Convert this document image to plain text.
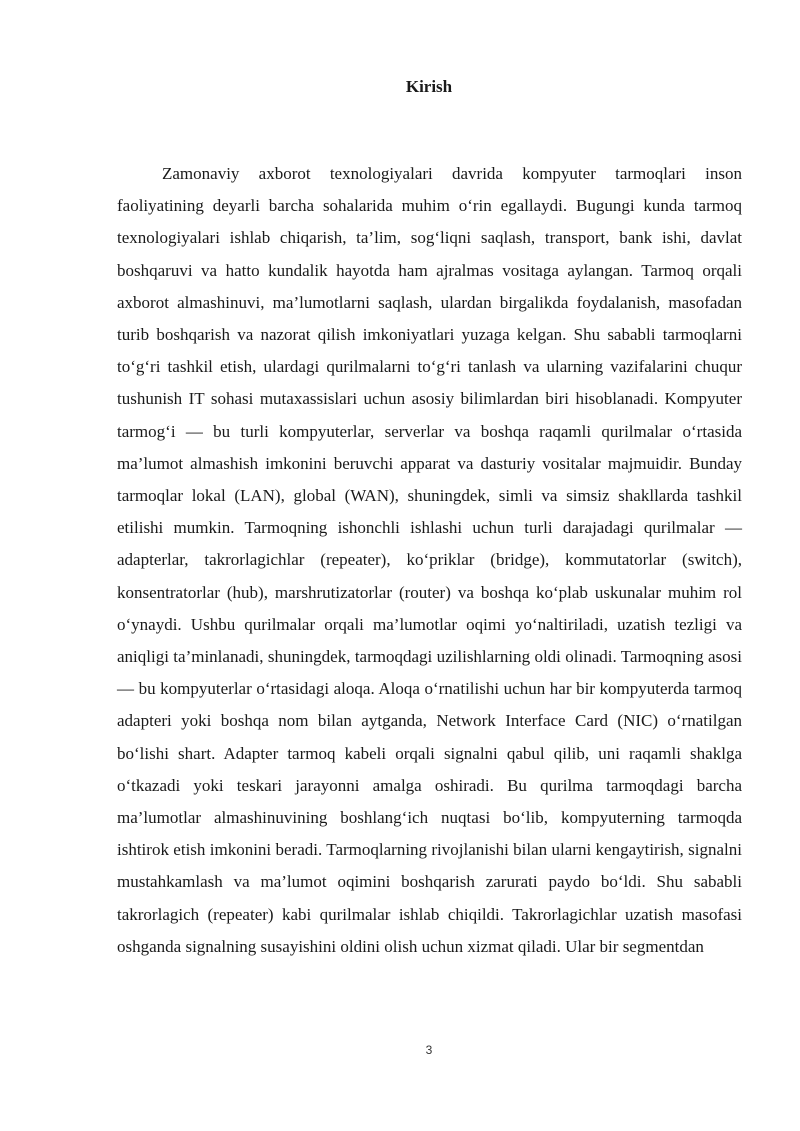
Kirish

Zamonaviy axborot texnologiyalari davrida kompyuter tarmoqlari inson faoliyatining deyarli barcha sohalarida muhim oʻrin egallaydi. Bugungi kunda tarmoq texnologiyalari ishlab chiqarish, ta’lim, sogʻliqni saqlash, transport, bank ishi, davlat boshqaruvi va hatto kundalik hayotda ham ajralmas vositaga aylangan. Tarmoq orqali axborot almashinuvi, ma’lumotlarni saqlash, ulardan birgalikda foydalanish, masofadan turib boshqarish va nazorat qilish imkoniyatlari yuzaga kelgan. Shu sababli tarmoqlarni toʻgʻri tashkil etish, ulardagi qurilmalarni toʻgʻri tanlash va ularning vazifalarini chuqur tushunish IT sohasi mutaxassislari uchun asosiy bilimlardan biri hisoblanadi. Kompyuter tarmogʻi — bu turli kompyuterlar, serverlar va boshqa raqamli qurilmalar oʻrtasida ma’lumot almashish imkonini beruvchi apparat va dasturiy vositalar majmuidir. Bunday tarmoqlar lokal (LAN), global (WAN), shuningdek, simli va simsiz shakllarda tashkil etilishi mumkin. Tarmoqning ishonchli ishlashi uchun turli darajadagi qurilmalar — adapterlar, takrorlagichlar (repeater), koʻpriklar (bridge), kommutatorlar (switch), konsentratorlar (hub), marshrutizatorlar (router) va boshqa koʻplab uskunalar muhim rol oʻynaydi. Ushbu qurilmalar orqali ma’lumotlar oqimi yoʻnaltiriladi, uzatish tezligi va aniqligi ta’minlanadi, shuningdek, tarmoqdagi uzilishlarning oldi olinadi. Tarmoqning asosi — bu kompyuterlar oʻrtasidagi aloqa. Aloqa oʻrnatilishi uchun har bir kompyuterda tarmoq adapteri yoki boshqa nom bilan aytganda, Network Interface Card (NIC) oʻrnatilgan boʻlishi shart. Adapter tarmoq kabeli orqali signalni qabul qilib, uni raqamli shaklga oʻtkazadi yoki teskari jarayonni amalga oshiradi. Bu qurilma tarmoqdagi barcha ma’lumotlar almashinuvining boshlangʻich nuqtasi boʻlib, kompyuterning tarmoqda ishtirok etish imkonini beradi. Tarmoqlarning rivojlanishi bilan ularni kengaytirish, signalni mustahkamlash va ma’lumot oqimini boshqarish zarurati paydo boʻldi. Shu sababli takrorlagich (repeater) kabi qurilmalar ishlab chiqildi. Takrorlagichlar uzatish masofasi oshganda signalning susayishini oldini olish uchun xizmat qiladi. Ular bir segmentdan

3
